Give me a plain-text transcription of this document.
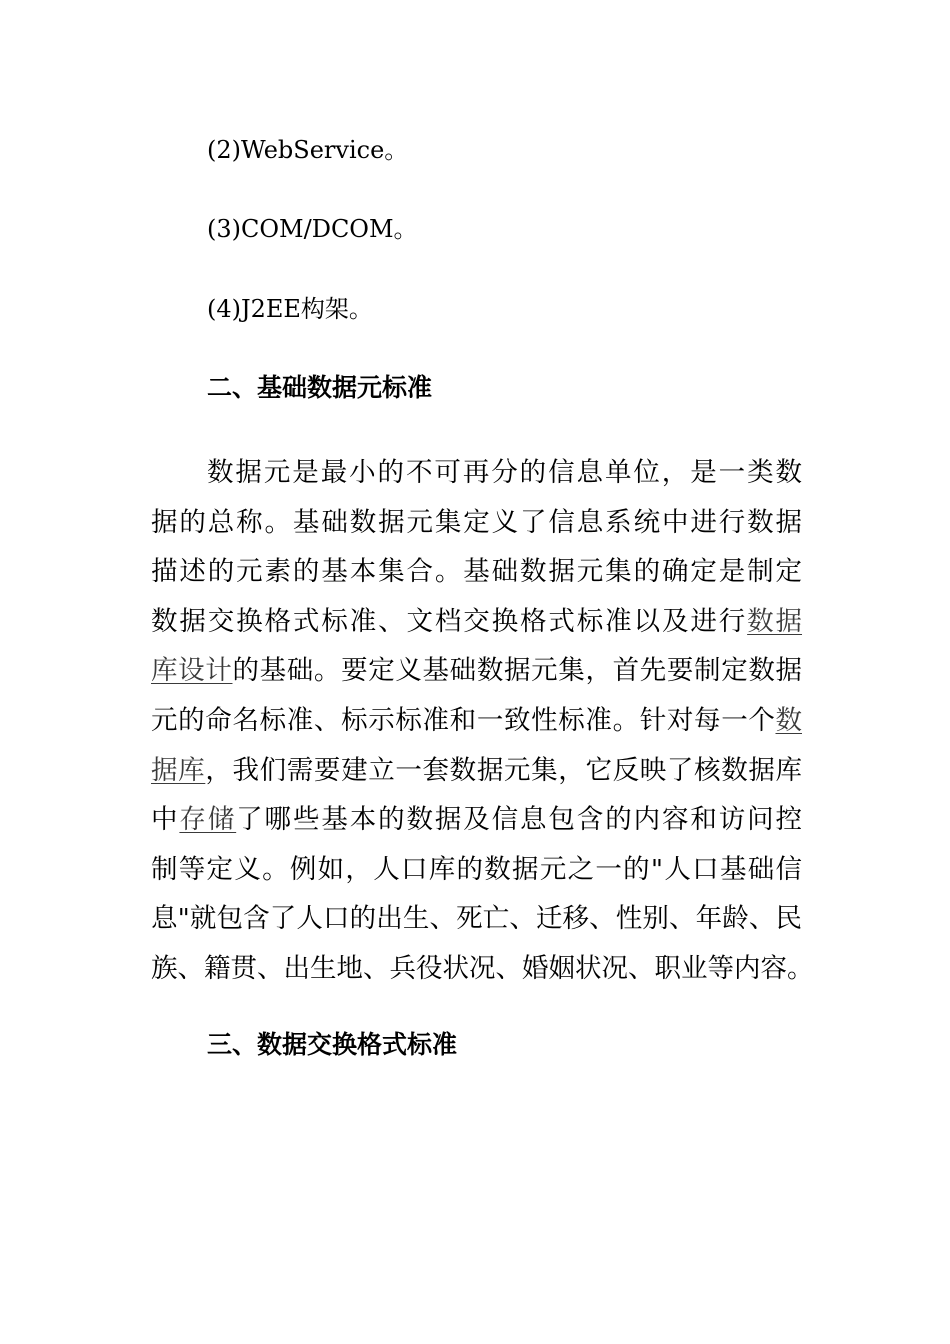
(2)WebService。
(3)COM/DCOM。
(4)J2EE构架。
二、基础数据元标准
数据元是最小的不可再分的信息单位，是一类数
据的总称。基础数据元集定义了信息系统中进行数据
描述的元素的基本集合。基础数据元集的确定是制定
数据交换格式标准、文档交换格式标准以及进行数据
库设计的基础。要定义基础数据元集，首先要制定数据
元的命名标准、标示标准和一致性标准。针对每一个数
据库，我们需要建立一套数据元集，它反映了核数据库
中存储了哪些基本的数据及信息包含的内容和访问控
制等定义。例如，人口库的数据元之一的"人口基础信
息"就包含了人口的出生、死亡、迁移、性别、年龄、民
族、籍贯、出生地、兵役状况、婚姻状况、职业等内容。
三、数据交换格式标准
